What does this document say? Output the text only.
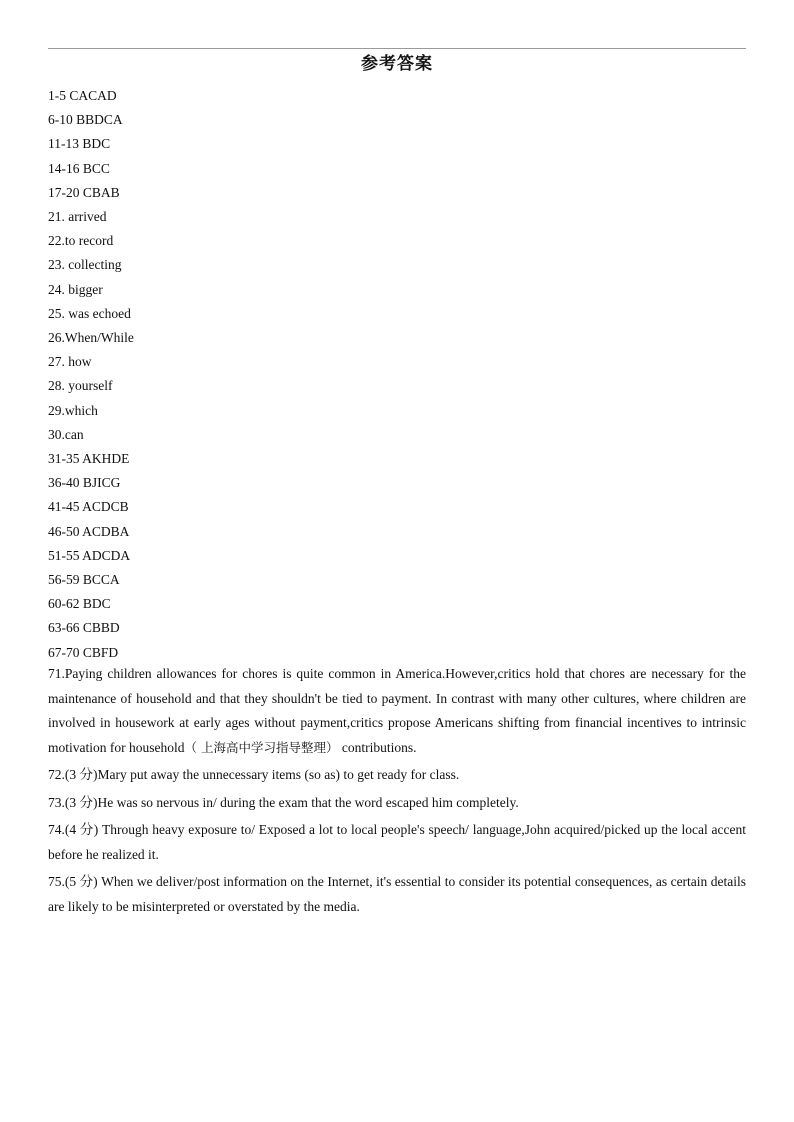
参考答案
1-5 CACAD
6-10 BBDCA
11-13 BDC
14-16 BCC
17-20 CBAB
21. arrived
22.to record
23. collecting
24. bigger
25. was echoed
26.When/While
27. how
28. yourself
29.which
30.can
31-35 AKHDE
36-40 BJICG
41-45 ACDCB
46-50 ACDBA
51-55 ADCDA
56-59 BCCA
60-62 BDC
63-66 CBBD
67-70 CBFD

71.Paying children allowances for chores is quite common in America.However,critics hold that chores are necessary for the maintenance of household and that they shouldn't be tied to payment. In contrast with many other cultures, where children are involved in housework at early ages without payment,critics propose Americans shifting from financial incentives to intrinsic motivation for household（ 上海高中学习指导整理） contributions.

72.(3 分)Mary put away the unnecessary items (so as) to get ready for class.

73.(3 分)He was so nervous in/ during the exam that the word escaped him completely.

74.(4 分) Through heavy exposure to/ Exposed a lot to local people's speech/ language,John acquired/picked up the local accent before he realized it.

75.(5 分) When we deliver/post information on the Internet, it's essential to consider its potential consequences, as certain details are likely to be misinterpreted or overstated by the media.
